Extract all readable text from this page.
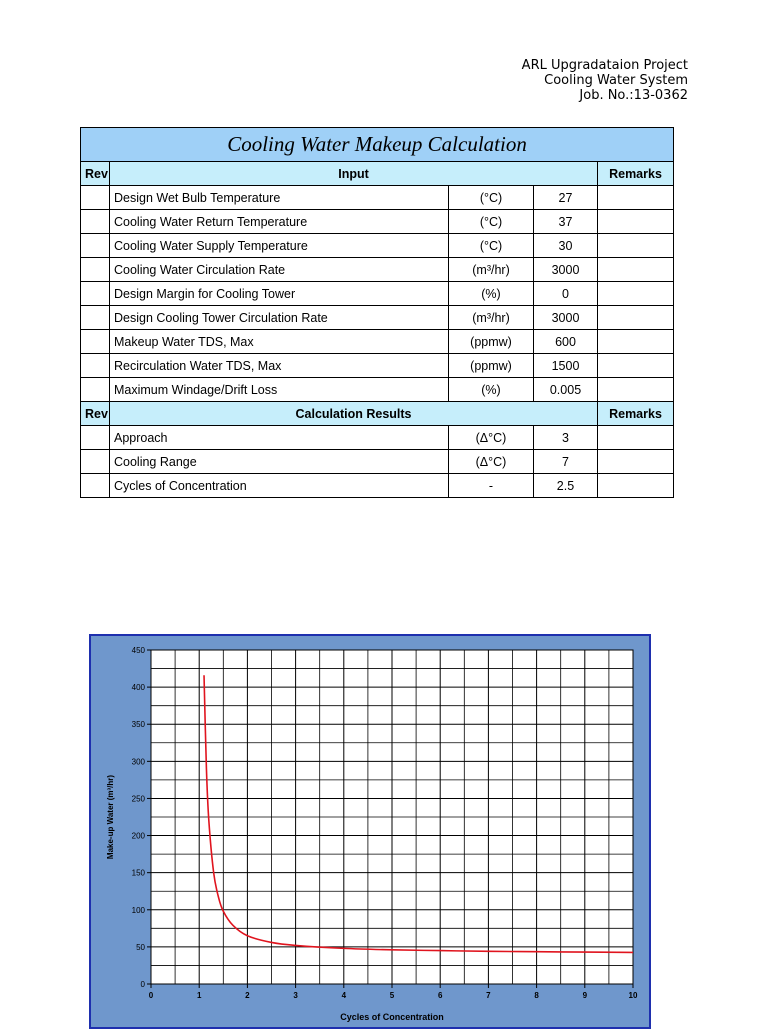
ARL Upgradataion Project
Cooling Water System
Job. No.:13-0362
Cooling Water Makeup Calculation				
Rev	Input			Remarks
	Design Wet Bulb Temperature	(°C)	27	
	Cooling Water Return Temperature	(°C)	37	
	Cooling Water Supply Temperature	(°C)	30	
	Cooling Water Circulation Rate	(m³/hr)	3000	
	Design Margin for Cooling Tower	(%)	0	
	Design Cooling Tower Circulation Rate	(m³/hr)	3000	
	Makeup Water TDS, Max	(ppmw)	600	
	Recirculation Water TDS, Max	(ppmw)	1500	
	Maximum Windage/Drift Loss	(%)	0.005	
Rev	Calculation Results			Remarks
	Approach	(Δ°C)	3	
	Cooling Range	(Δ°C)	7	
	Cycles of Concentration	-	2.5	
0
50
100
150
200
250
300
350
400
450
0	1	2	3	4	5	6	7	8	9	10
Cycles of Concentration
Make-up Water (m³/hr)
